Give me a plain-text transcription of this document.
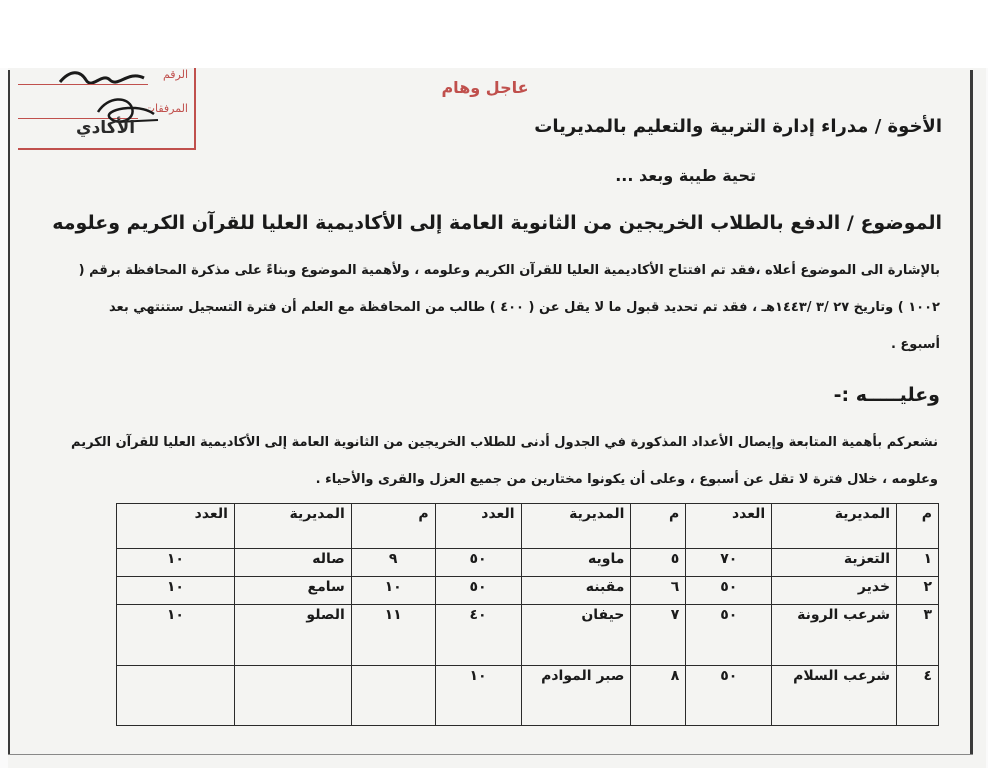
الرقم
المرفقات
الأكادي
عاجل وهام
الأخوة / مدراء إدارة التربية والتعليم بالمديريات
تحية طيبة وبعد ...
الموضوع / الدفع بالطلاب الخريجين من الثانوية العامة إلى الأكاديمية العليا للقرآن الكريم وعلومه
بالإشارة الى الموضوع أعلاه ،فقد تم افتتاح الأكاديمية العليا للقرآن الكريم وعلومه ، ولأهمية الموضوع وبناءً على مذكرة المحافظة برقم ( ١٠٠٢ ) وتاريخ ٢٧ /٣ /١٤٤٣هـ ، فقد تم تحديد قبول ما لا يقل عن ( ٤٠٠ ) طالب من المحافظة مع العلم أن فترة التسجيل ستنتهي بعد أسبوع .
وعليـــــه :-
نشعركم بأهمية المتابعة وإيصال الأعداد المذكورة في الجدول أدنى للطلاب الخريجين من الثانوية العامة إلى الأكاديمية العليا للقرآن الكريم وعلومه ، خلال فترة لا تقل عن أسبوع ، وعلى أن يكونوا مختارين من جميع العزل والقرى والأحياء .
م	المديرية	العدد	م	المديرية	العدد	م	المديرية	العدد
١	التعزية	٧٠	٥	ماويه	٥٠	٩	صاله	١٠
٢	خدير	٥٠	٦	مقبنه	٥٠	١٠	سامع	١٠
٣	شرعب الرونة	٥٠	٧	حيفان	٤٠	١١	الصلو	١٠
٤	شرعب السلام	٥٠	٨	صبر الموادم	١٠			
